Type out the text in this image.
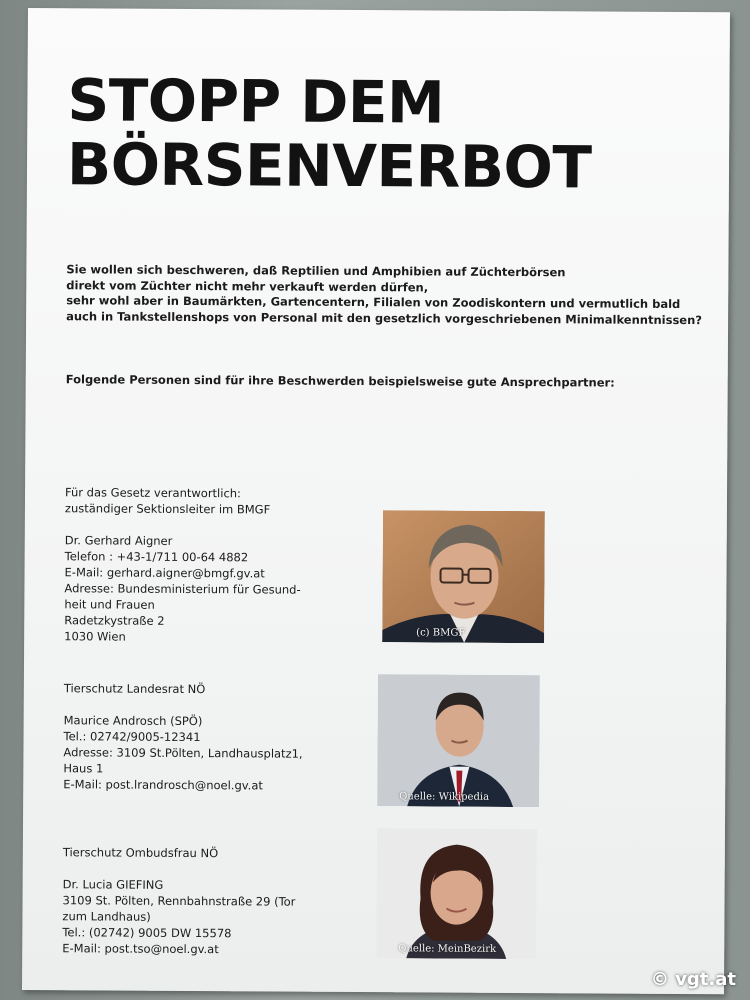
STOPP DEM
BÖRSENVERBOT
Sie wollen sich beschweren, daß Reptilien und Amphibien auf Züchterbörsen
direkt vom Züchter nicht mehr verkauft werden dürfen,
sehr wohl aber in Baumärkten, Gartencentern, Filialen von Zoodiskontern und vermutlich bald
auch in Tankstellenshops von Personal mit den gesetzlich vorgeschriebenen Minimalkenntnissen?
Folgende Personen sind für ihre Beschwerden beispielsweise gute Ansprechpartner:
Für das Gesetz verantwortlich:
zuständiger Sektionsleiter im BMGF
Dr. Gerhard Aigner
Telefon : +43-1/711 00-64 4882
E-Mail: gerhard.aigner@bmgf.gv.at
Adresse: Bundesministerium für Gesund-
heit und Frauen
Radetzkystraße 2
1030 Wien	(c) BMGF
Tierschutz Landesrat NÖ
Maurice Androsch (SPÖ)
Tel.: 02742/9005-12341
Adresse: 3109 St.Pölten, Landhausplatz1,
Haus 1
E-Mail: post.lrandrosch@noel.gv.at
Quelle: Wikipedia
Tierschutz Ombudsfrau NÖ
Dr. Lucia GIEFING
3109 St. Pölten, Rennbahnstraße 29 (Tor
zum Landhaus)
Tel.: (02742) 9005 DW 15578
E-Mail: post.tso@noel.gv.at	Quelle: MeinBezirk
© vgt.at
